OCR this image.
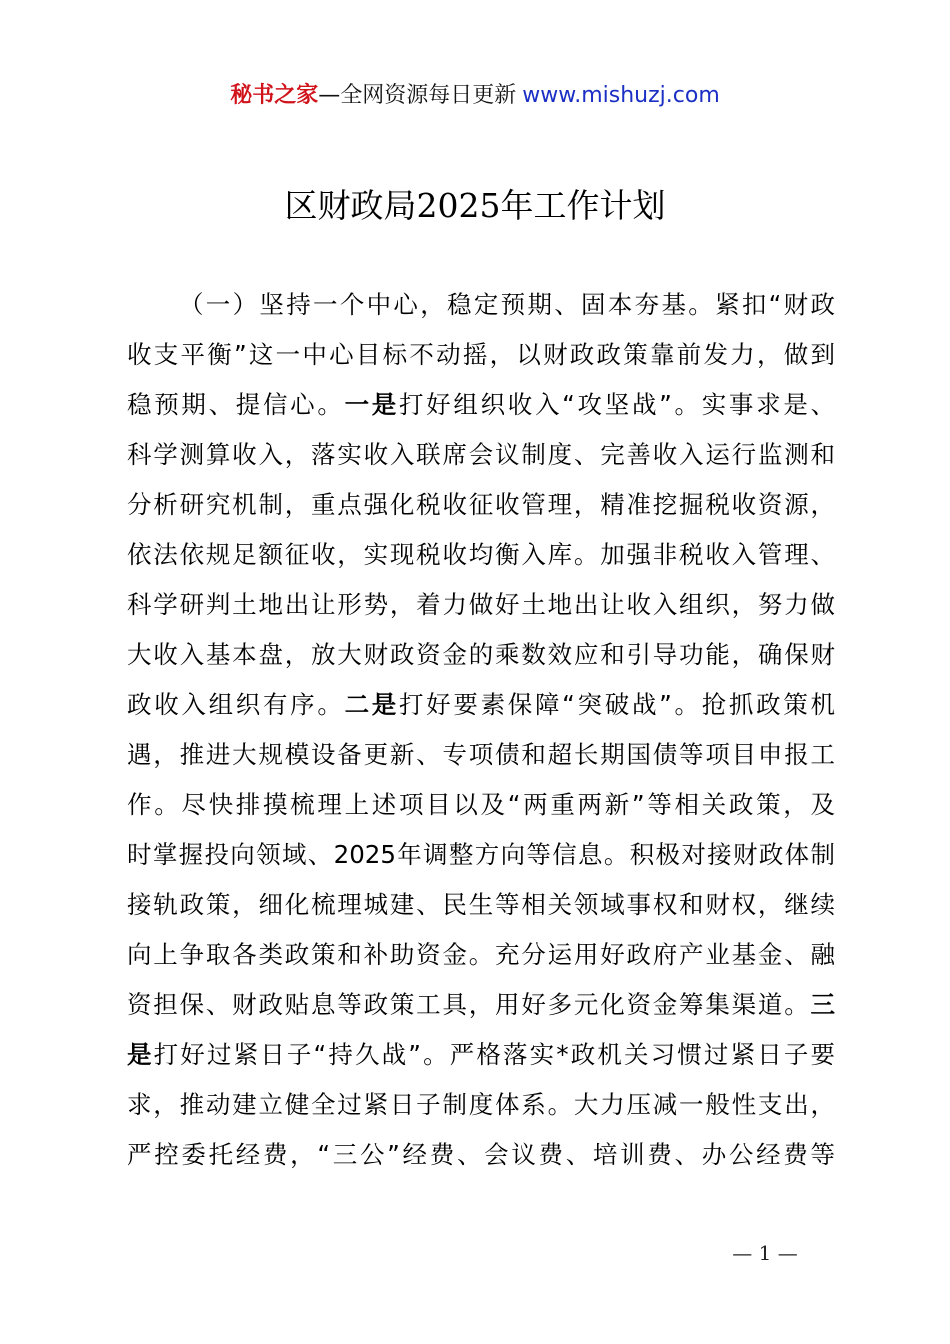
秘书之家—全网资源每日更新 www.mishuzj.com
区财政局2025年工作计划
（一）坚持一个中心，稳定预期、固本夯基。紧扣“财政
收支平衡”这一中心目标不动摇，以财政政策靠前发力，做到
稳预期、提信心。一是打好组织收入“攻坚战”。实事求是、
科学测算收入，落实收入联席会议制度、完善收入运行监测和
分析研究机制，重点强化税收征收管理，精准挖掘税收资源，
依法依规足额征收，实现税收均衡入库。加强非税收入管理、
科学研判土地出让形势，着力做好土地出让收入组织，努力做
大收入基本盘，放大财政资金的乘数效应和引导功能，确保财
政收入组织有序。二是打好要素保障“突破战”。抢抓政策机
遇，推进大规模设备更新、专项债和超长期国债等项目申报工
作。尽快排摸梳理上述项目以及“两重两新”等相关政策，及
时掌握投向领域、2025年调整方向等信息。积极对接财政体制
接轨政策，细化梳理城建、民生等相关领域事权和财权，继续
向上争取各类政策和补助资金。充分运用好政府产业基金、融
资担保、财政贴息等政策工具，用好多元化资金筹集渠道。三
是打好过紧日子“持久战”。严格落实*政机关习惯过紧日子要
求，推动建立健全过紧日子制度体系。大力压减一般性支出，
严控委托经费，“三公”经费、会议费、培训费、办公经费等
— 1 —
